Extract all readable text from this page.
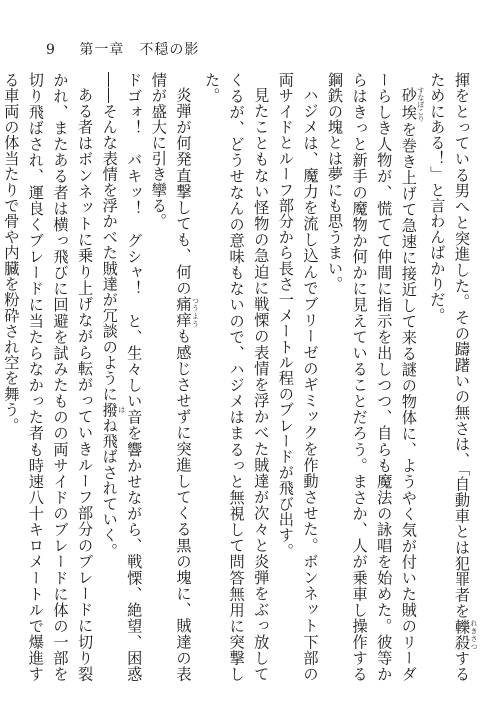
9 第一章　不穏の影

揮をとっている男へと突進した。その躊躇いの無さは、「自動車とは犯罪者を轢殺 れきさつするためにある！」と言わんばかりだ。

砂埃 すなぼこりを巻き上げて急速に接近して来る謎の物体に、ようやく気が付いた賊のリーダーらしき人物が、慌てて仲間に指示を出しつつ、自らも魔法の詠唱を始めた。彼等からはきっと新手の魔物か何かに見えていることだろう。まさか、人が乗車し操作する鋼鉄の塊とは夢にも思うまい。

ハジメは、魔力を流し込んでブリーゼのギミックを作動させた。ボンネット下部の両サイドとルーフ部分から長さ一メートル程のブレードが飛び出す。

見たこともない怪物の急迫に戦慄の表情を浮かべた賊達が次々と炎弾をぶっ放してくるが、どうせなんの意味もないので、ハジメはまるっと無視して問答無用に突撃した。

炎弾が何発直撃しても、何の痛痒 つうようも感じさせずに突進してくる黒の塊に、賊達の表情が盛大に引き攣る。

ドゴォ！　バキッ！　グシャ！　と、生々しい音を響かせながら、戦慄、絶望、困惑――そんな表情を浮かべた賊達が冗談のように撥 はね飛ばされていく。

ある者はボンネットに乗り上げながら転がっていきルーフ部分のブレードに切り裂かれ、またある者は横っ飛びに回避を試みたものの両サイドのブレードに体の一部を切り飛ばされ、運良くブレードに当たらなかった者も時速八十キロメートルで爆進する車両の体当たりで骨や内臓を粉砕され空を舞う。
